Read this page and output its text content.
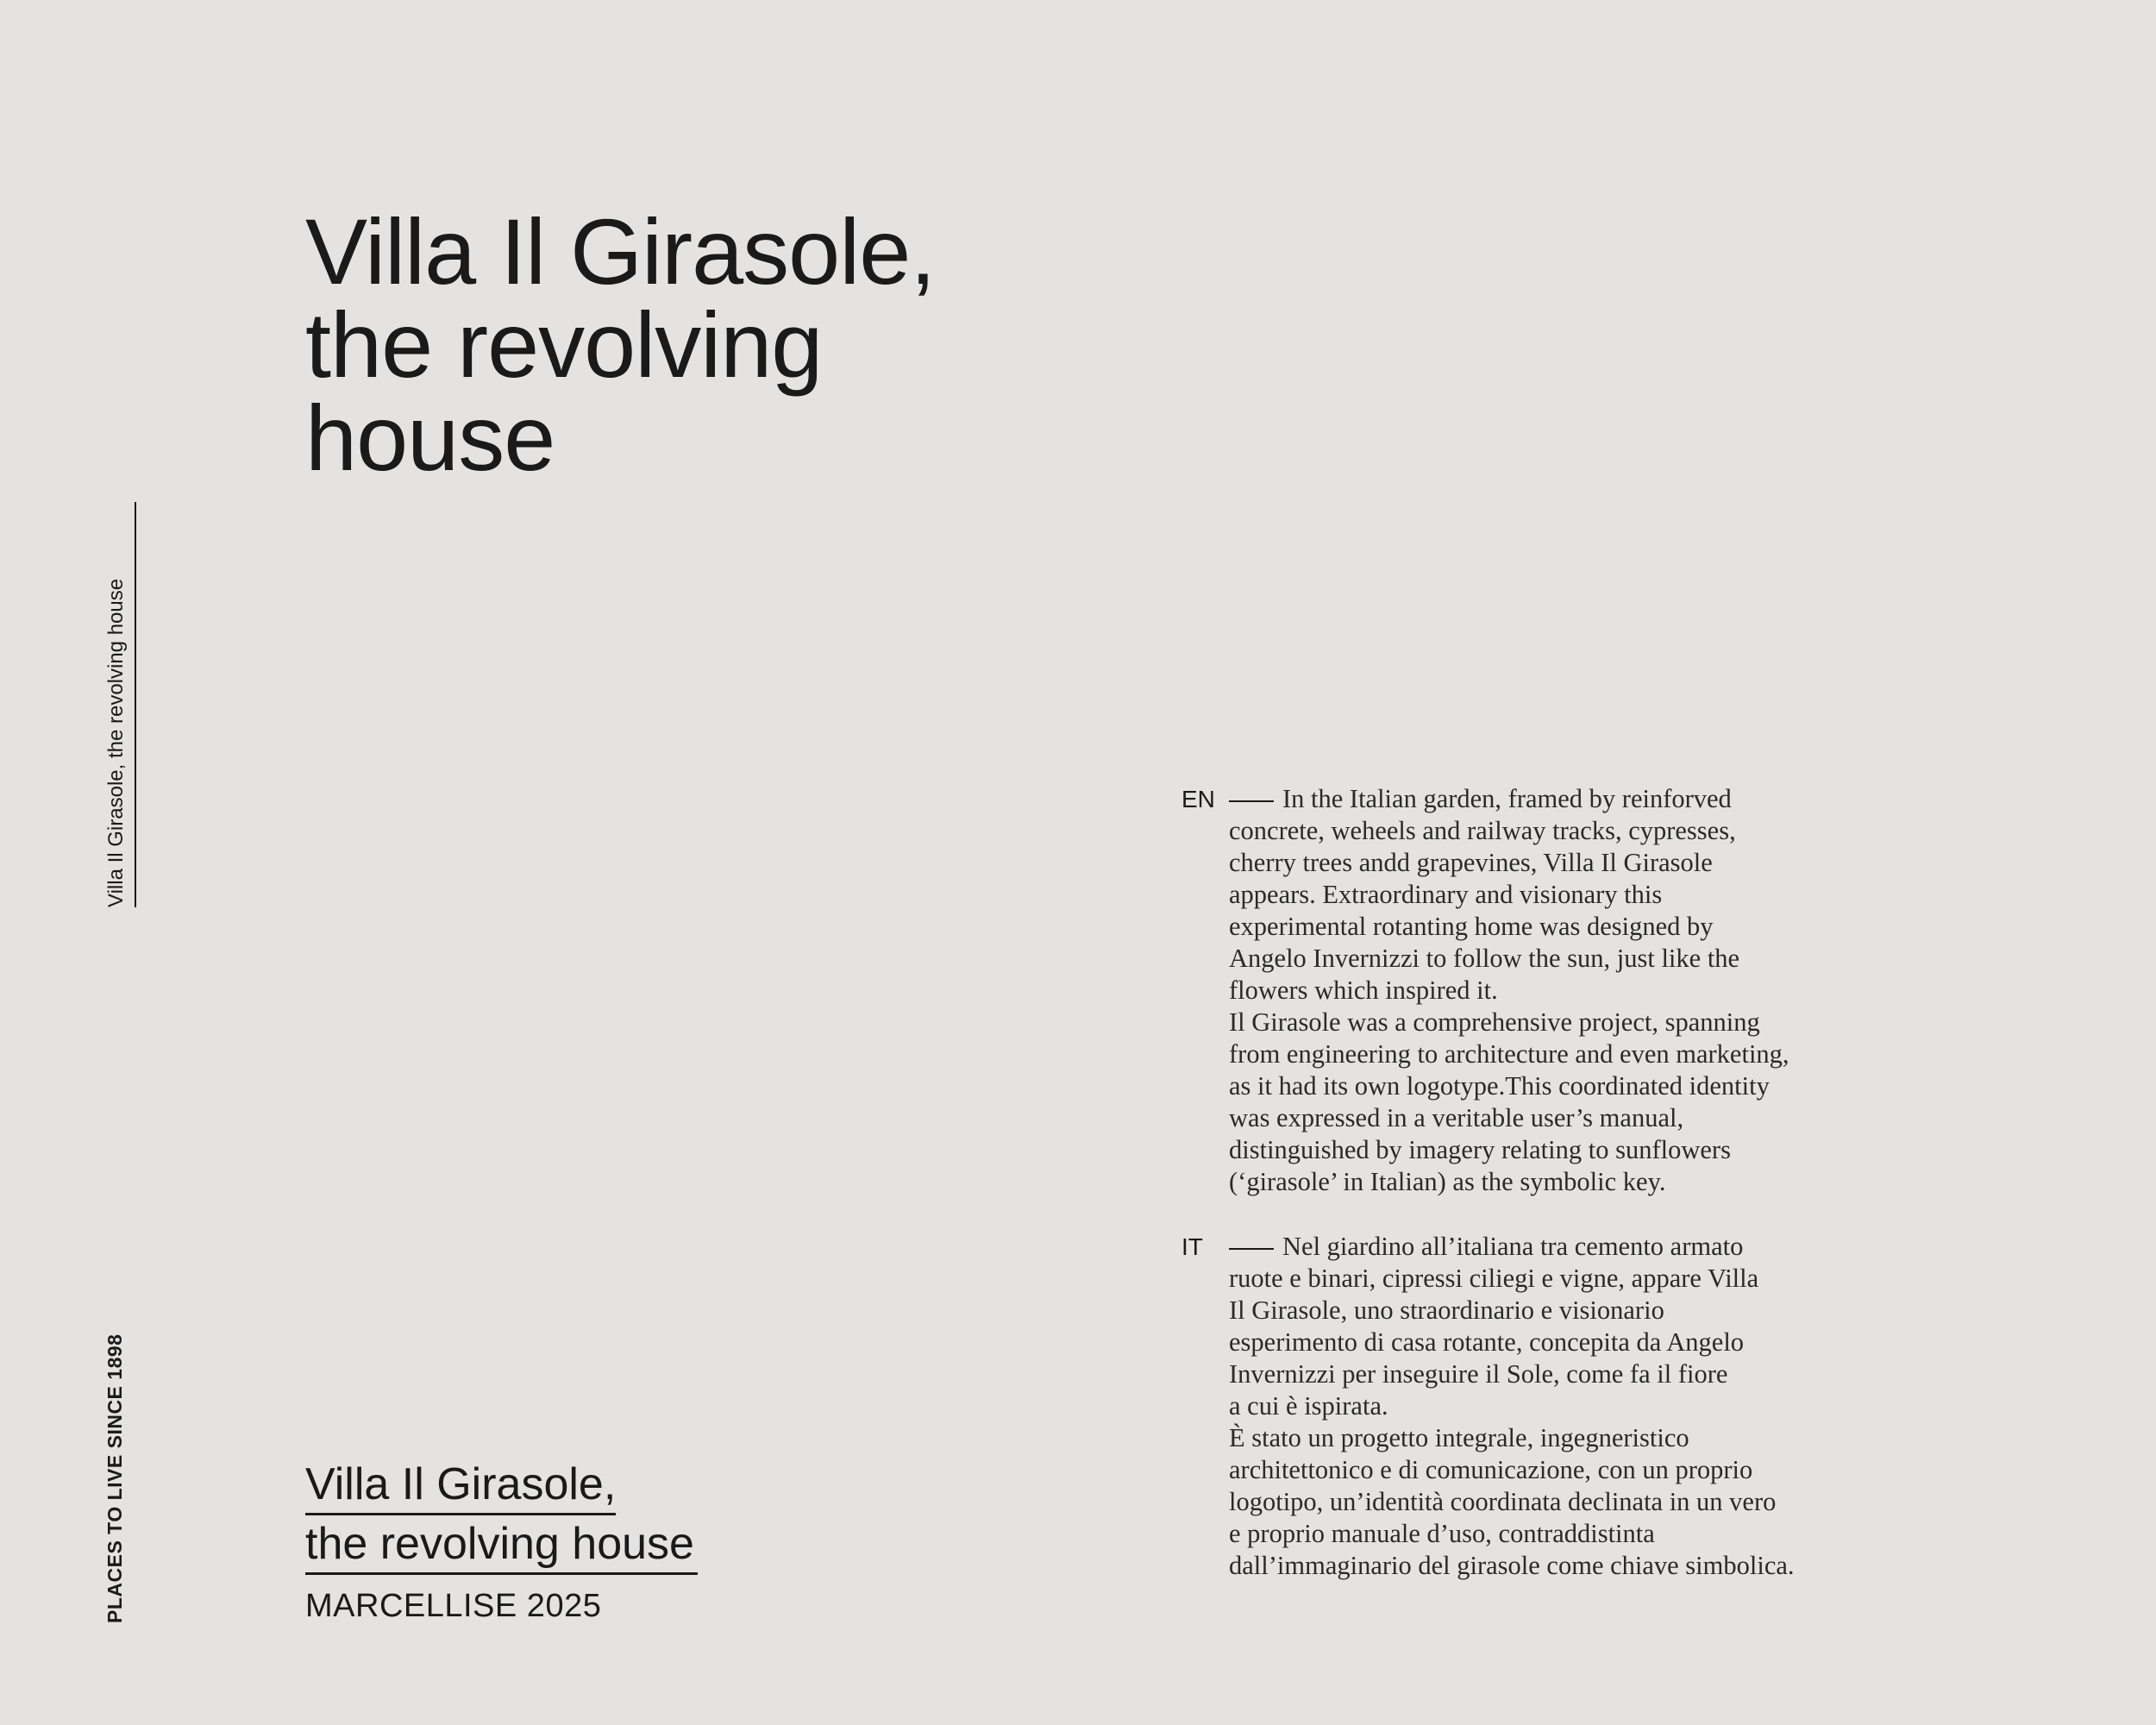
Villa Il Girasole,
the revolving
house
Villa Il Girasole, the revolving house
PLACES TO LIVE SINCE 1898	Villa Il Girasole,
the revolving house
MARCELLISE 2025
EN	In the Italian garden, framed by reinforved
concrete, weheels and railway tracks, cypresses,
cherry trees andd grapevines, Villa Il Girasole
appears. Extraordinary and visionary this
experimental rotanting home was designed by
Angelo Invernizzi to follow the sun, just like the
flowers which inspired it.
Il Girasole was a comprehensive project, spanning
from engineering to architecture and even marketing,
as it had its own logotype.This coordinated identity
was expressed in a veritable user’s manual,
distinguished by imagery relating to sunflowers
(‘girasole’ in Italian) as the symbolic key.
IT	Nel giardino all’italiana tra cemento armato
ruote e binari, cipressi ciliegi e vigne, appare Villa
Il Girasole, uno straordinario e visionario
esperimento di casa rotante, concepita da Angelo
Invernizzi per inseguire il Sole, come fa il fiore
a cui è ispirata.
È stato un progetto integrale, ingegneristico
architettonico e di comunicazione, con un proprio
logotipo, un’identità coordinata declinata in un vero
e proprio manuale d’uso, contraddistinta
dall’immaginario del girasole come chiave simbolica.
